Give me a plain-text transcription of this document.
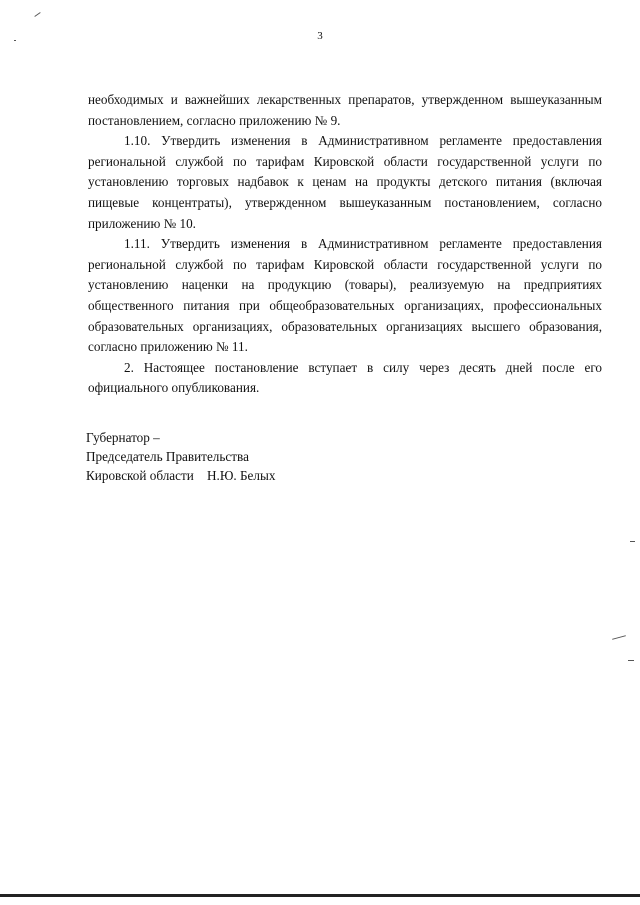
3

необходимых и важнейших лекарственных препаратов, утвержденном вышеуказанным постановлением, согласно приложению № 9.

1.10. Утвердить изменения в Административном регламенте предоставления региональной службой по тарифам Кировской области государственной услуги по установлению торговых надбавок к ценам на продукты детского питания (включая пищевые концентраты), утвержденном вышеуказанным постановлением, согласно приложению № 10.

1.11. Утвердить изменения в Административном регламенте предоставления региональной службой по тарифам Кировской области государственной услуги по установлению наценки на продукцию (товары), реализуемую на предприятиях общественного питания при общеобразовательных организациях, профессиональных образовательных организациях, образовательных организациях высшего образования, согласно приложению № 11.

2. Настоящее постановление вступает в силу через десять дней после его официального опубликования.

Губернатор –
Председатель Правительства
Кировской области    Н.Ю. Белых
